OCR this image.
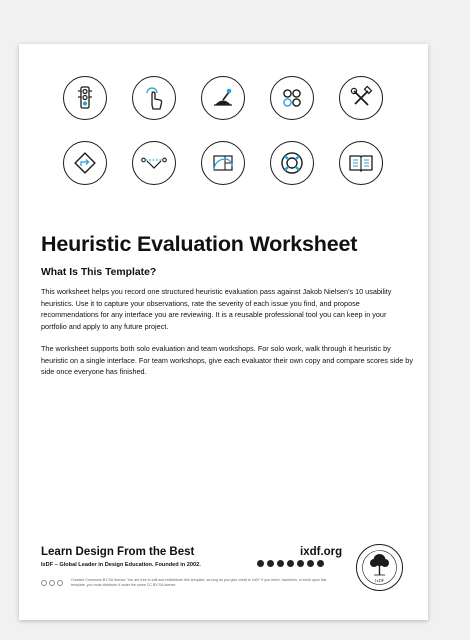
Heuristic Evaluation Worksheet
What Is This Template?

This worksheet helps you record one structured heuristic evaluation pass against Jakob Nielsen's 10 usability heuristics. Use it to capture your observations, rate the severity of each issue you find, and propose recommendations for any interface you are reviewing. It is a reusable professional tool you can keep in your portfolio and apply to any future project.

The worksheet supports both solo evaluation and team workshops. For solo work, walk through it heuristic by heuristic on a single interface. For team workshops, give each evaluator their own copy and compare scores side by side once everyone has finished.

Learn Design From the Best

IxDF – Global Leader in Design Education. Founded in 2002.

ixdf.org

Creative Commons BY-SA license: You are free to edit and redistribute this template, as long as you give credit to IxDF. If you remix, transform, or build upon this template, you must distribute it under the same CC BY-SA license.

IxDF
